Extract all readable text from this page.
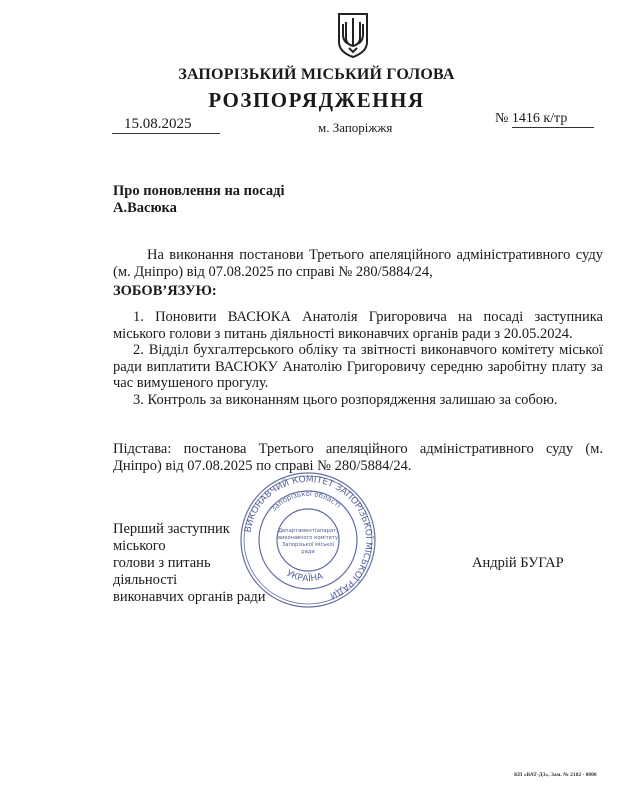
ЗАПОРІЗЬКИЙ МІСЬКИЙ ГОЛОВА
РОЗПОРЯДЖЕННЯ
15.08.2025	м. Запоріжжя
№ 1416 к/тр
Про поновлення на посаді
А.Васюка
На виконання постанови Третього апеляційного адміністративного суду (м. Дніпро) від 07.08.2025 по справі № 280/5884/24,
ЗОБОВ’ЯЗУЮ:

1. Поновити ВАСЮКА Анатолія Григоровича на посаді заступника міського голови з питань діяльності виконавчих органів ради з 20.05.2024.

2. Відділ бухгалтерського обліку та звітності виконавчого комітету міської ради виплатити ВАСЮКУ Анатолію Григоровичу середню заробітну плату за час вимушеного прогулу.

3. Контроль за виконанням цього розпорядження залишаю за собою.

Підстава: постанова Третього апеляційного адміністративного суду (м. Дніпро) від 07.08.2025 по справі № 280/5884/24.
Перший заступник міського
голови з питань діяльності
виконавчих органів ради
Андрій БУГАР
ВИКОНАВЧИЙ КОМІТЕТ ЗАПОРІЗЬКОЇ МІСЬКОЇ РАДИ
Запорізької області
УКРАЇНА
Департамент(апарат)
виконавчого комітету
Запорізької міської
ради
КП «ВАТ-ДЗ», Зам. № 2182 - 8000
